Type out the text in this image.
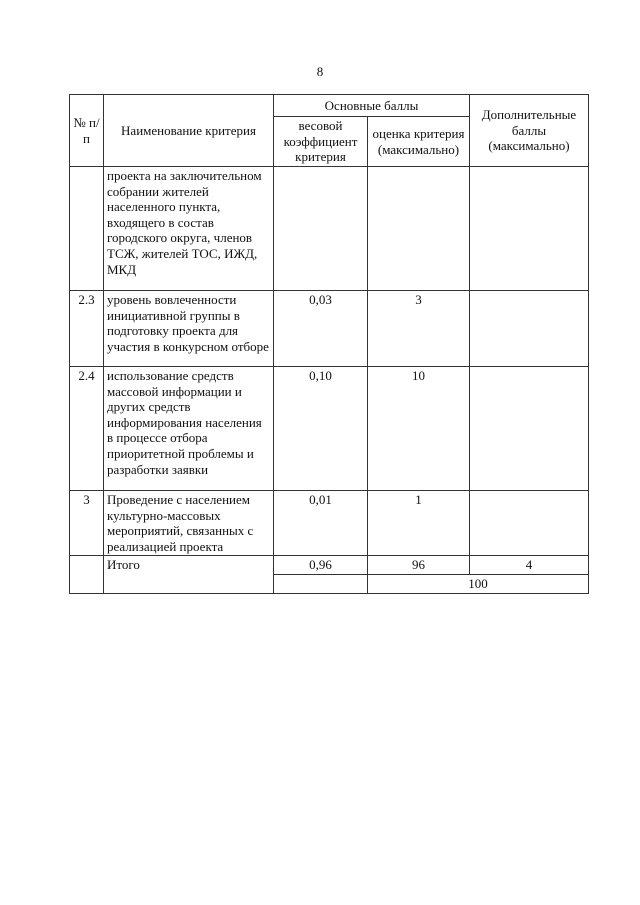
8
№ п/п	Наименование критерия	Основные баллы		Дополнительные баллы (максимально)
		весовой коэффициент критерия	оценка критерия (максимально)	
	проекта на заключительном собрании жителей населенного пункта, входящего в состав городского округа, членов ТСЖ, жителей ТОС, ИЖД, МКД			
2.3	уровень вовлеченности инициативной группы в подготовку проекта для участия в конкурсном отборе	0,03	3	
2.4	использование средств массовой информации и других средств информирования населения в процессе отбора приоритетной проблемы и разработки заявки	0,10	10	
3	Проведение с населением культурно-массовых мероприятий, связанных с реализацией проекта	0,01	1	
	Итого	0,96	96	4
			100	
